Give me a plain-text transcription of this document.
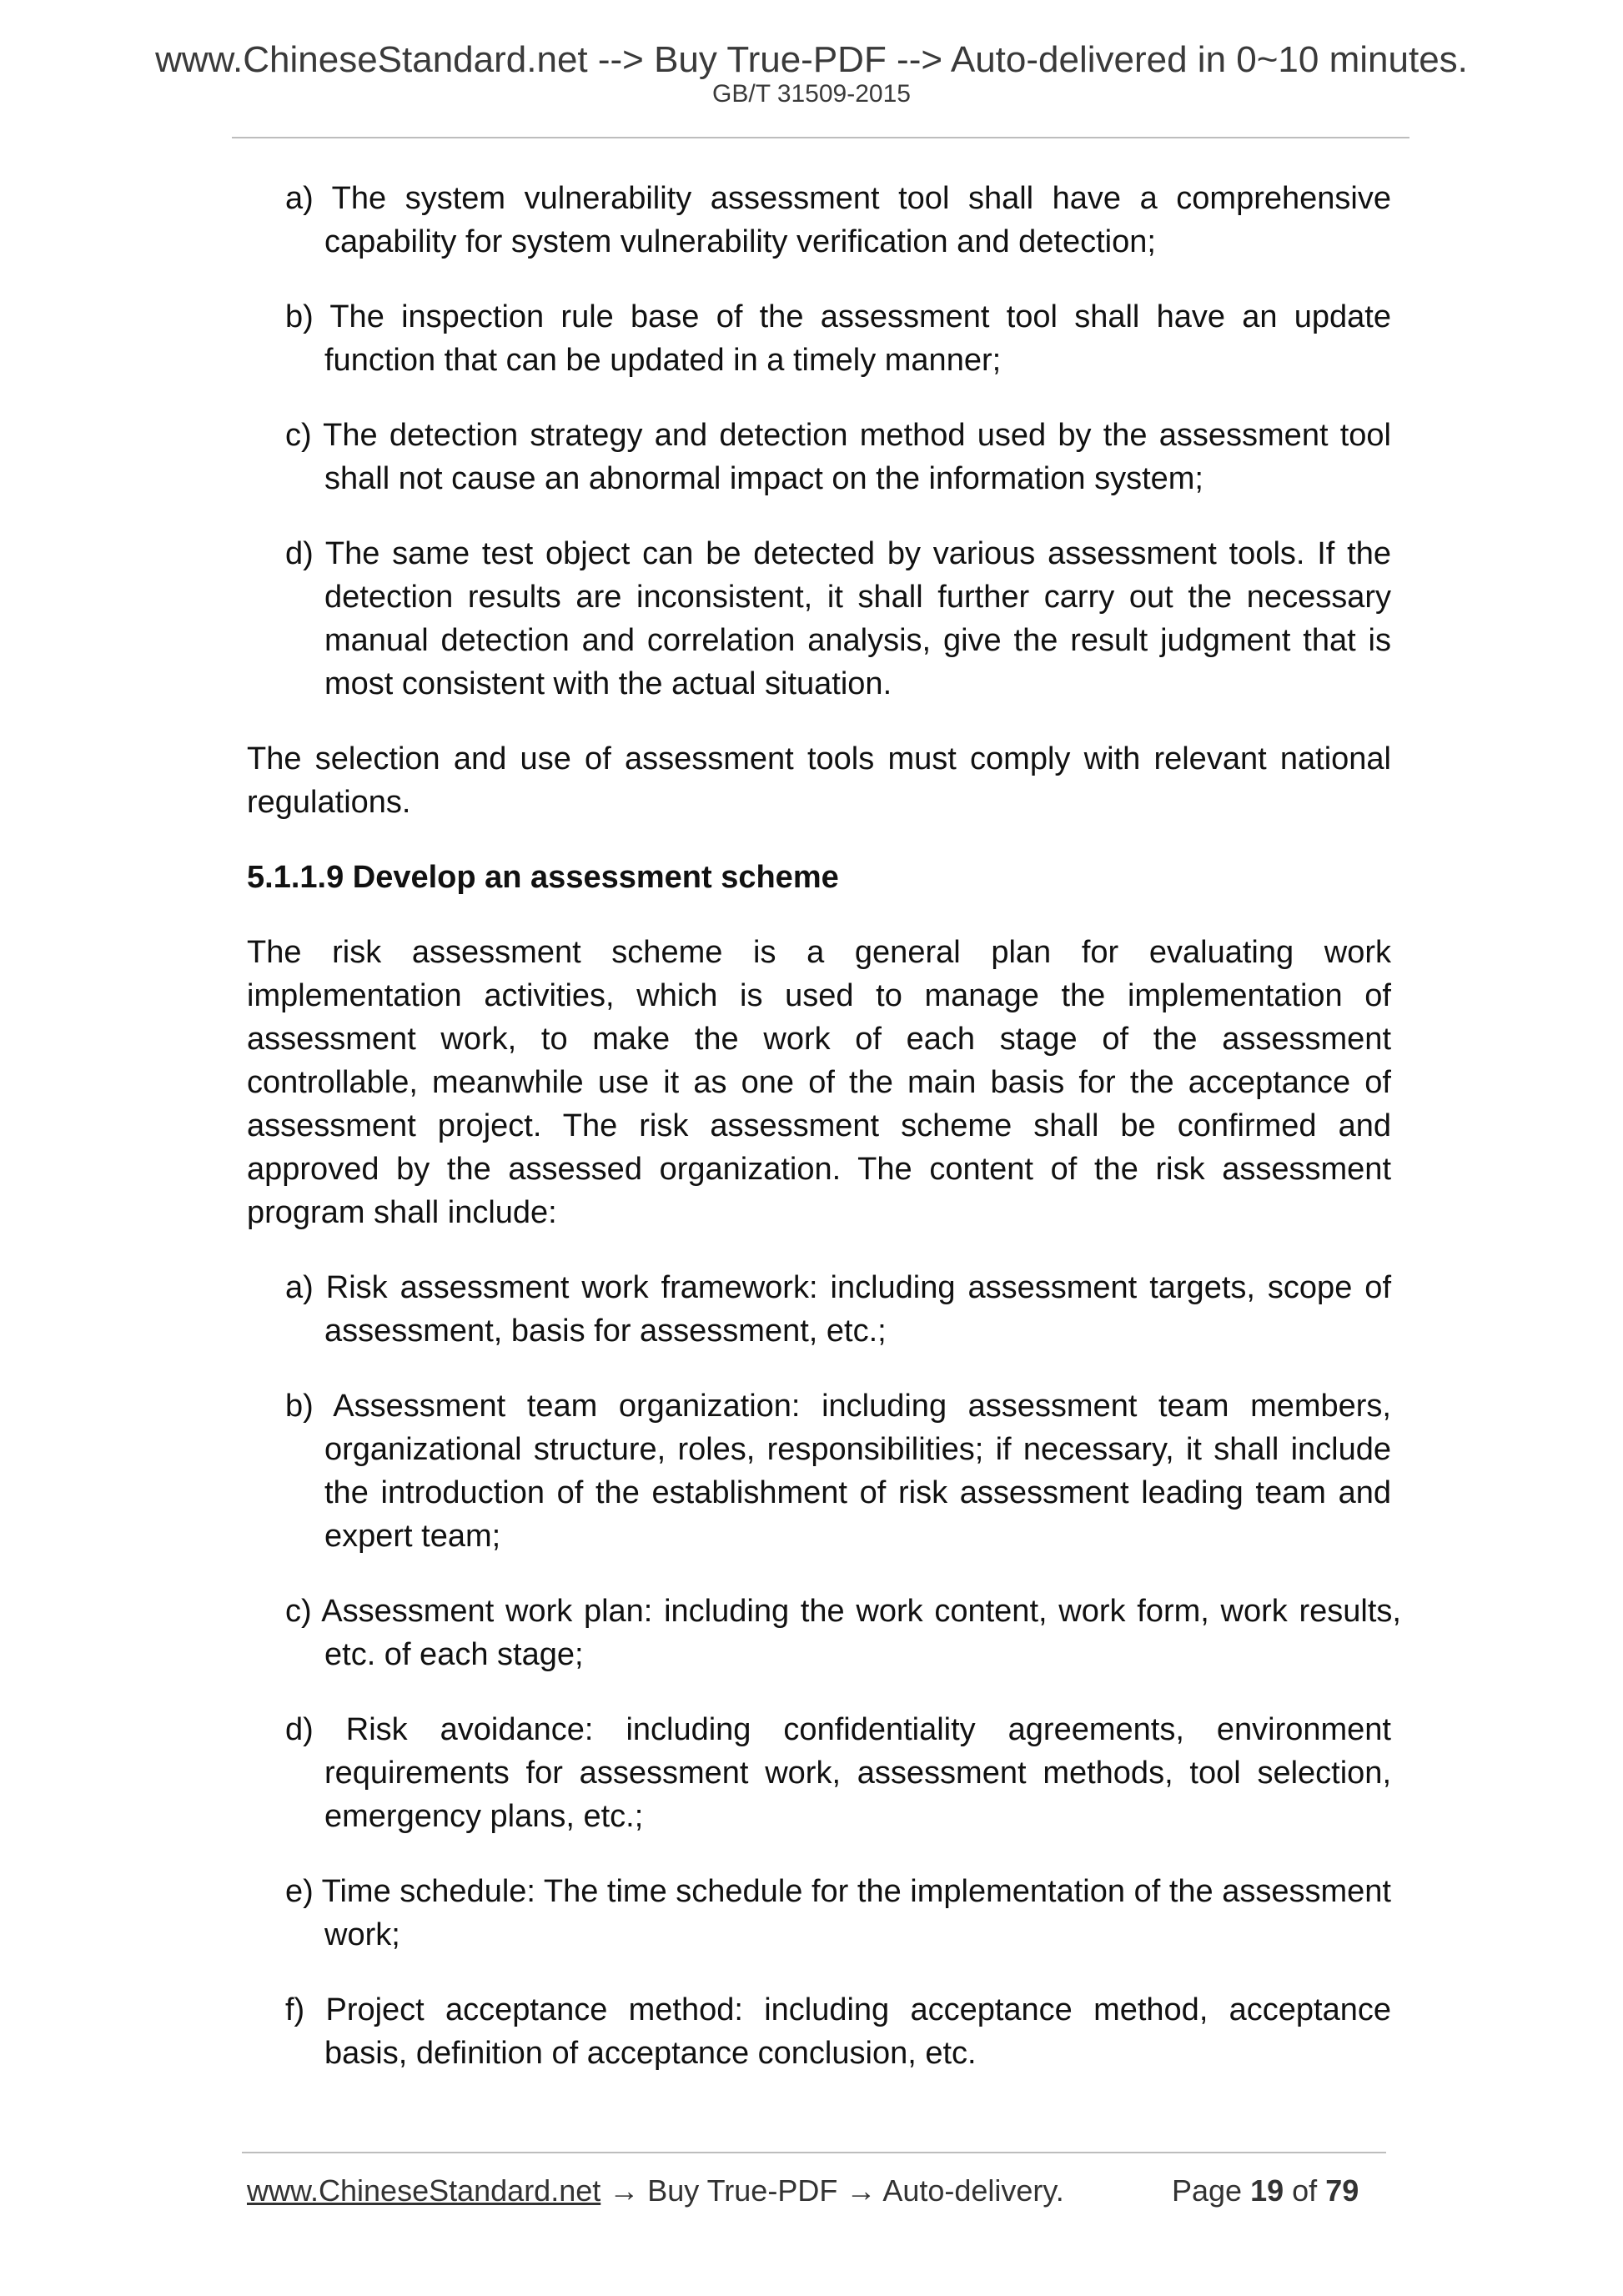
www.ChineseStandard.net --> Buy True-PDF --> Auto-delivered in 0~10 minutes.
GB/T 31509-2015
a) The system vulnerability assessment tool shall have a comprehensive capability for system vulnerability verification and detection;
b) The inspection rule base of the assessment tool shall have an update function that can be updated in a timely manner;
c) The detection strategy and detection method used by the assessment tool shall not cause an abnormal impact on the information system;
d) The same test object can be detected by various assessment tools. If the detection results are inconsistent, it shall further carry out the necessary manual detection and correlation analysis, give the result judgment that is most consistent with the actual situation.
The selection and use of assessment tools must comply with relevant national regulations.
5.1.1.9 Develop an assessment scheme
The risk assessment scheme is a general plan for evaluating work implementation activities, which is used to manage the implementation of assessment work, to make the work of each stage of the assessment controllable, meanwhile use it as one of the main basis for the acceptance of assessment project. The risk assessment scheme shall be confirmed and approved by the assessed organization. The content of the risk assessment program shall include:
a) Risk assessment work framework: including assessment targets, scope of assessment, basis for assessment, etc.;
b) Assessment team organization: including assessment team members, organizational structure, roles, responsibilities; if necessary, it shall include the introduction of the establishment of risk assessment leading team and expert team;
c) Assessment work plan: including the work content, work form, work results, etc. of each stage;
d) Risk avoidance: including confidentiality agreements, environment requirements for assessment work, assessment methods, tool selection, emergency plans, etc.;
e) Time schedule: The time schedule for the implementation of the assessment work;
f) Project acceptance method: including acceptance method, acceptance basis, definition of acceptance conclusion, etc.
www.ChineseStandard.net → Buy True-PDF → Auto-delivery.	Page 19 of 79
